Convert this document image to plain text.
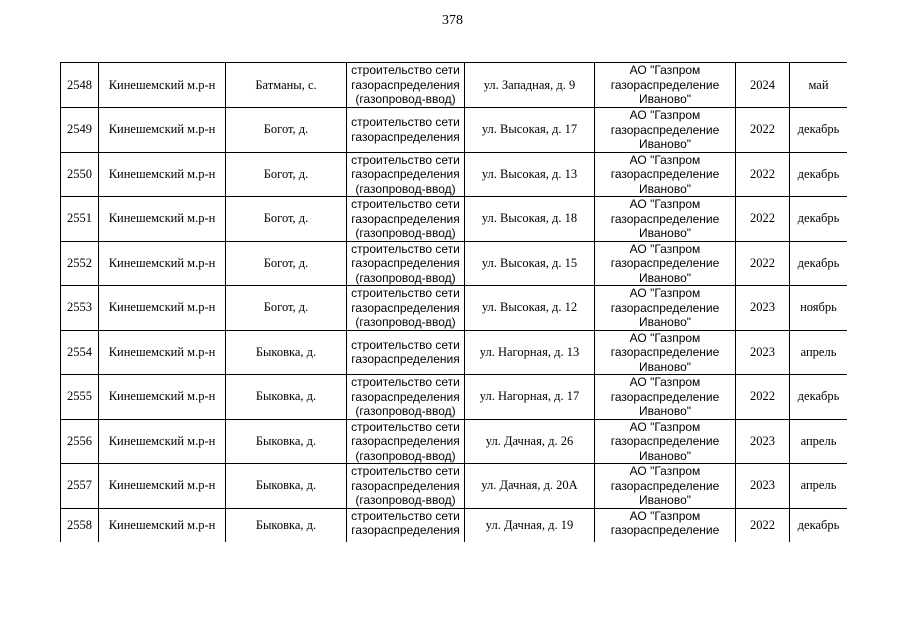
378
2548	Кинешемский м.р-н	Батманы, с.	строительство сети
газораспределения
(газопровод-ввод)	ул. Западная, д. 9	АО "Газпром
газораспределение
Иваново"	2024	май
2549	Кинешемский м.р-н	Богот, д.	строительство сети
газораспределения	ул. Высокая, д. 17	АО "Газпром
газораспределение
Иваново"	2022	декабрь
2550	Кинешемский м.р-н	Богот, д.	строительство сети
газораспределения
(газопровод-ввод)	ул. Высокая, д. 13	АО "Газпром
газораспределение
Иваново"	2022	декабрь
2551	Кинешемский м.р-н	Богот, д.	строительство сети
газораспределения
(газопровод-ввод)	ул. Высокая, д. 18	АО "Газпром
газораспределение
Иваново"	2022	декабрь
2552	Кинешемский м.р-н	Богот, д.	строительство сети
газораспределения
(газопровод-ввод)	ул. Высокая, д. 15	АО "Газпром
газораспределение
Иваново"	2022	декабрь
2553	Кинешемский м.р-н	Богот, д.	строительство сети
газораспределения
(газопровод-ввод)	ул. Высокая, д. 12	АО "Газпром
газораспределение
Иваново"	2023	ноябрь
2554	Кинешемский м.р-н	Быковка, д.	строительство сети
газораспределения	ул. Нагорная, д. 13	АО "Газпром
газораспределение
Иваново"	2023	апрель
2555	Кинешемский м.р-н	Быковка, д.	строительство сети
газораспределения
(газопровод-ввод)	ул. Нагорная, д. 17	АО "Газпром
газораспределение
Иваново"	2022	декабрь
2556	Кинешемский м.р-н	Быковка, д.	строительство сети
газораспределения
(газопровод-ввод)	ул. Дачная, д. 26	АО "Газпром
газораспределение
Иваново"	2023	апрель
2557	Кинешемский м.р-н	Быковка, д.	строительство сети
газораспределения
(газопровод-ввод)	ул. Дачная, д. 20А	АО "Газпром
газораспределение
Иваново"	2023	апрель
2558	Кинешемский м.р-н	Быковка, д.	строительство сети
газораспределения	ул. Дачная, д. 19	АО "Газпром
газораспределение	2022	декабрь
